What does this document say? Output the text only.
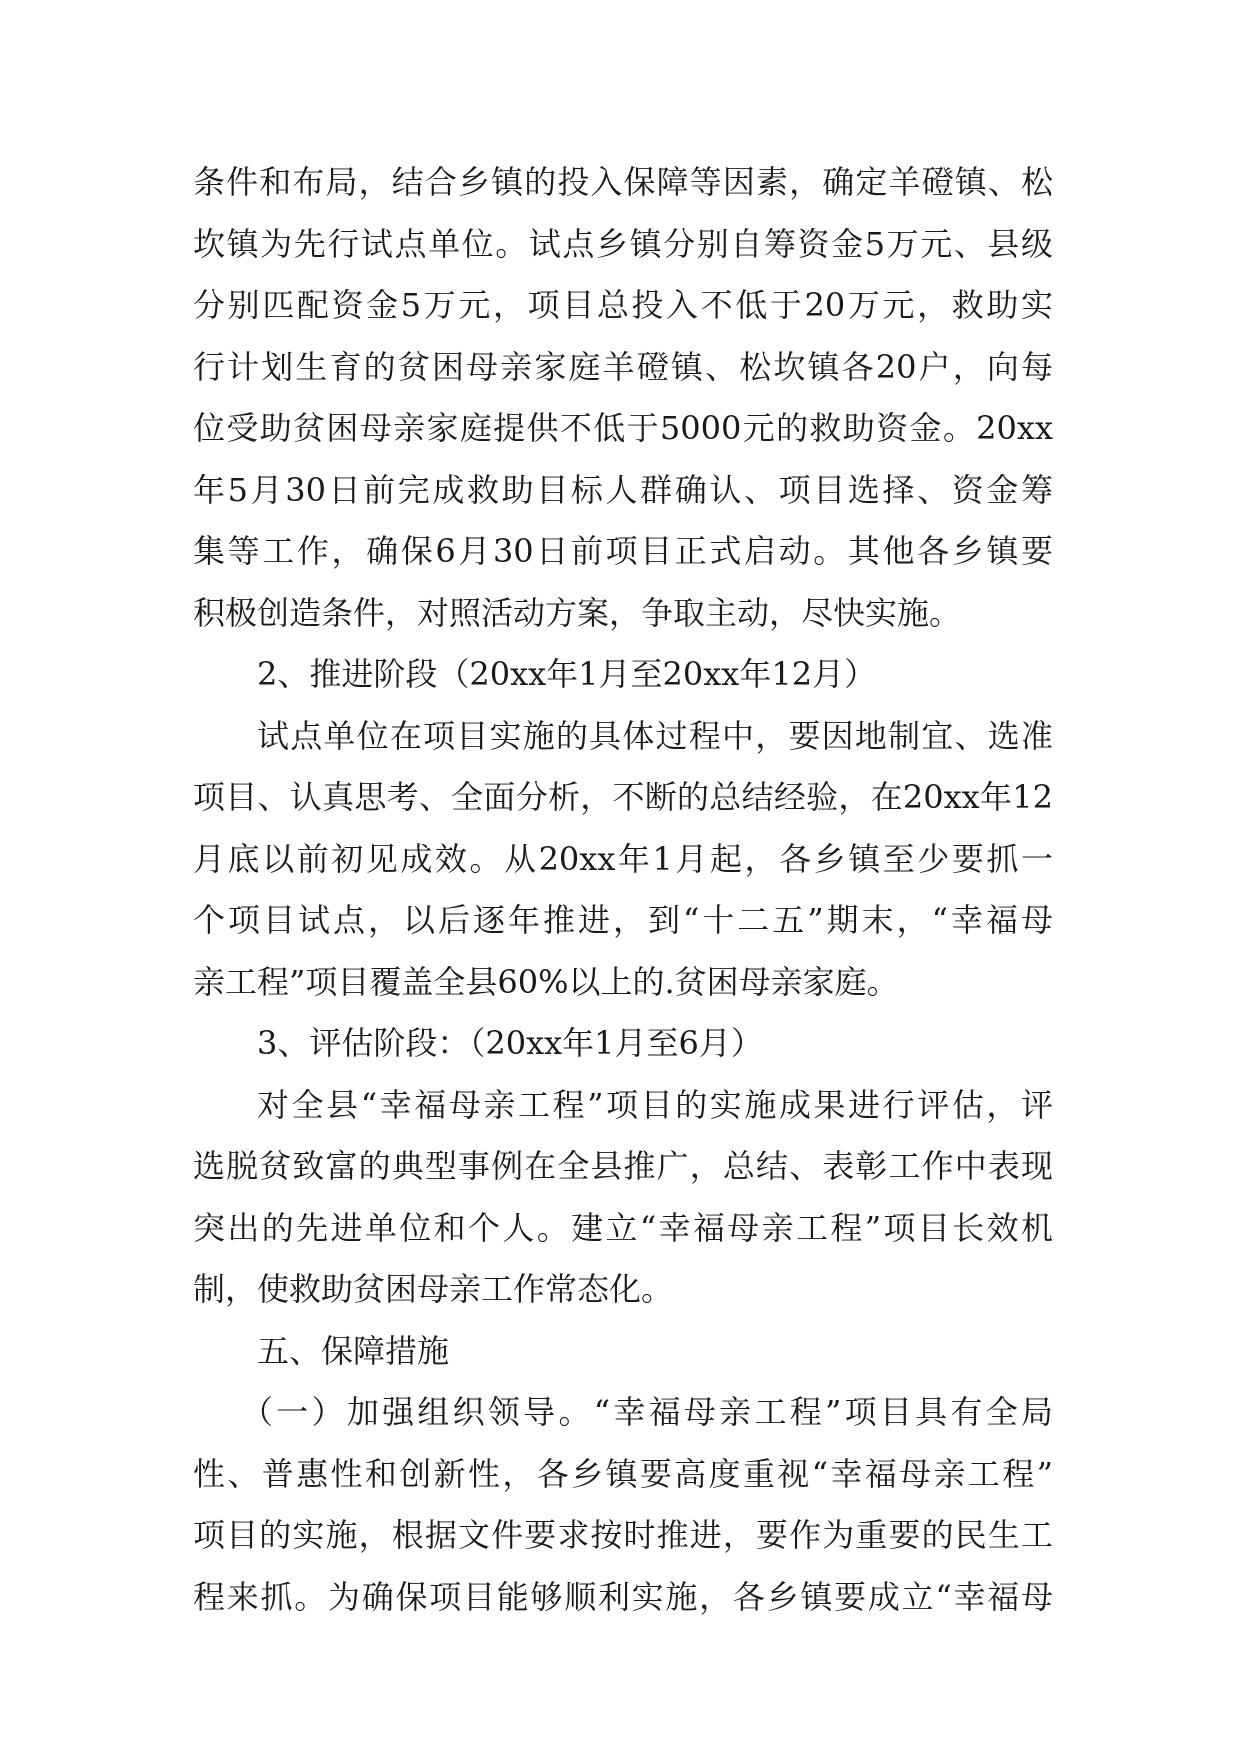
条件和布局，结合乡镇的投入保障等因素，确定羊磴镇、松
坎镇为先行试点单位。试点乡镇分别自筹资金5万元、县级
分别匹配资金5万元，项目总投入不低于20万元，救助实
行计划生育的贫困母亲家庭羊磴镇、松坎镇各20户，向每
位受助贫困母亲家庭提供不低于5000元的救助资金。20xx
年5月30日前完成救助目标人群确认、项目选择、资金筹
集等工作，确保6月30日前项目正式启动。其他各乡镇要
积极创造条件，对照活动方案，争取主动，尽快实施。
2、推进阶段（20xx年1月至20xx年12月）
试点单位在项目实施的具体过程中，要因地制宜、选准
项目、认真思考、全面分析，不断的总结经验，在20xx年12
月底以前初见成效。从20xx年1月起，各乡镇至少要抓一
个项目试点，以后逐年推进，到“十二五”期末，“幸福母
亲工程”项目覆盖全县60%以上的.贫困母亲家庭。
3、评估阶段：（20xx年1月至6月）
对全县“幸福母亲工程”项目的实施成果进行评估，评
选脱贫致富的典型事例在全县推广，总结、表彰工作中表现
突出的先进单位和个人。建立“幸福母亲工程”项目长效机
制，使救助贫困母亲工作常态化。
五、保障措施
（一）加强组织领导。“幸福母亲工程”项目具有全局
性、普惠性和创新性，各乡镇要高度重视“幸福母亲工程”
项目的实施，根据文件要求按时推进，要作为重要的民生工
程来抓。为确保项目能够顺利实施，各乡镇要成立“幸福母
